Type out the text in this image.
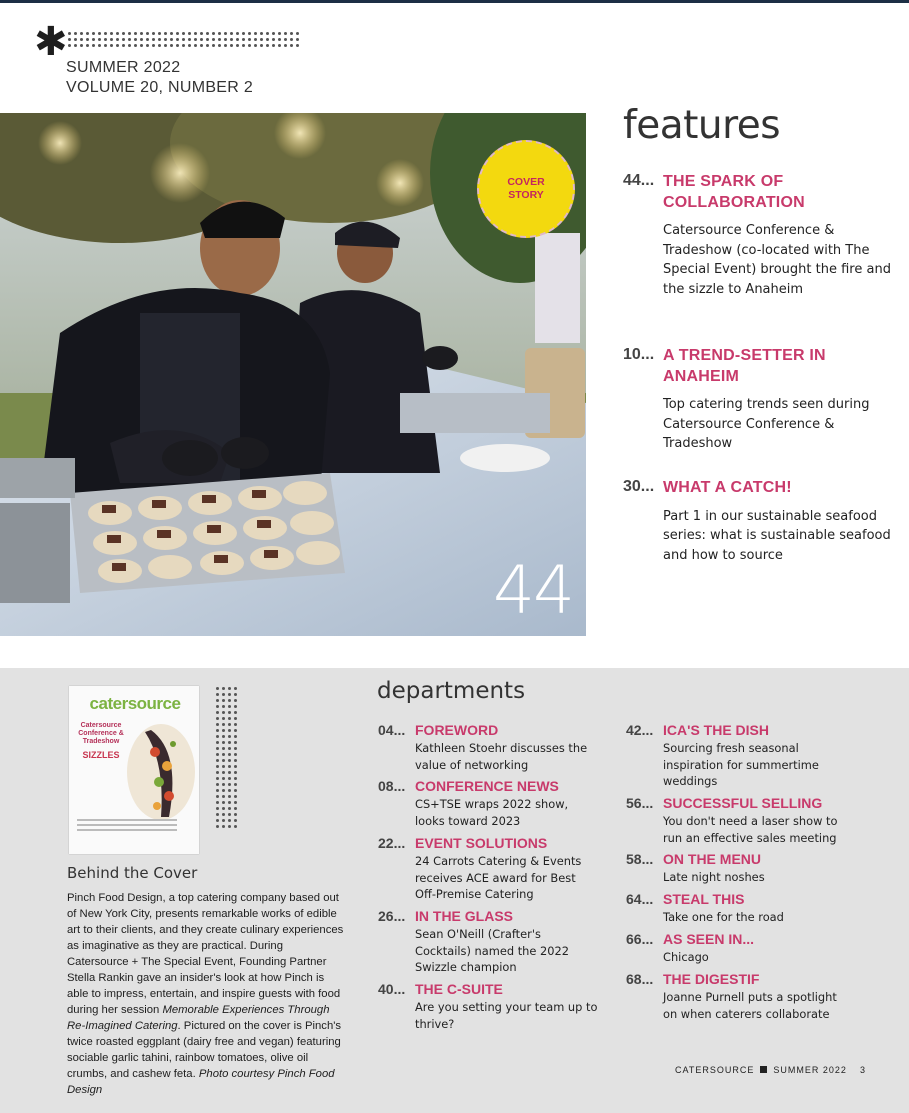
✱
SUMMER 2022
VOLUME 20, NUMBER 2
COVER STORY
44
features
44... THE SPARK OF COLLABORATION
Catersource Conference & Tradeshow (co-located with The Special Event) brought the fire and the sizzle to Anaheim
10... A TREND-SETTER IN ANAHEIM
Top catering trends seen during Catersource Conference & Tradeshow
30... WHAT A CATCH!
Part 1 in our sustainable seafood series: what is sustainable seafood and how to source
catersource
Catersource Conference & Tradeshow
SIZZLES
Behind the Cover
Pinch Food Design, a top catering company based out of New York City, presents remarkable works of edible art to their clients, and they create culinary experiences as imaginative as they are practical. During Catersource + The Special Event, Founding Partner Stella Rankin gave an insider's look at how Pinch is able to impress, entertain, and inspire guests with food during her session Memorable Experiences Through Re-Imagined Catering. Pictured on the cover is Pinch's twice roasted eggplant (dairy free and vegan) featuring sociable garlic tahini, rainbow tomatoes, olive oil crumbs, and cashew feta. Photo courtesy Pinch Food Design
departments
04... FOREWORD
Kathleen Stoehr discusses the value of networking
08... CONFERENCE NEWS
CS+TSE wraps 2022 show, looks toward 2023
22... EVENT SOLUTIONS
24 Carrots Catering & Events receives ACE award for Best Off-Premise Catering
26... IN THE GLASS
Sean O'Neill (Crafter's Cocktails) named the 2022 Swizzle champion
40... THE C-SUITE
Are you setting your team up to thrive?
42... ICA'S THE DISH
Sourcing fresh seasonal inspiration for summertime weddings
56... SUCCESSFUL SELLING
You don't need a laser show to run an effective sales meeting
58... ON THE MENU
Late night noshes
64... STEAL THIS
Take one for the road
66... AS SEEN IN...
Chicago
68... THE DIGESTIF
Joanne Purnell puts a spotlight on when caterers collaborate
CATERSOURCE SUMMER 2022 3
